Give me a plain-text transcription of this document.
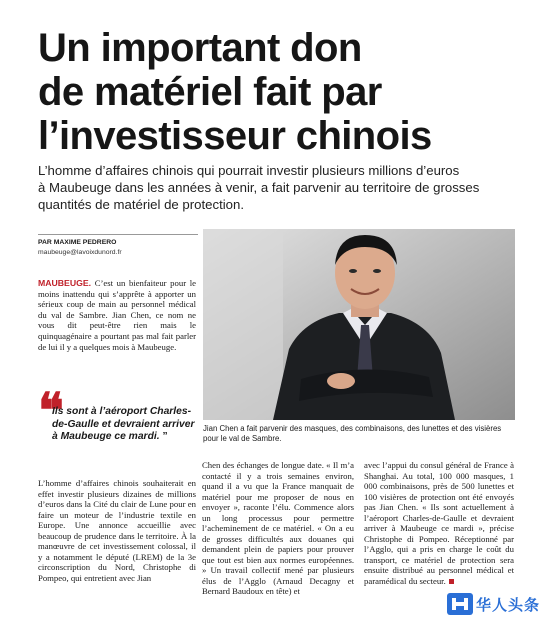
Un important don
de matériel fait par
l’investisseur chinois

L’homme d’affaires chinois qui pourrait investir plusieurs millions d’euros
à Maubeuge dans les années à venir, a fait parvenir au territoire de grosses
quantités de matériel de protection.

PAR MAXIME PEDRERO
maubeuge@lavoixdunord.fr

MAUBEUGE. C’est un bienfaiteur pour le moins inattendu qui s’apprête à apporter un sérieux coup de main au personnel médical du val de Sambre. Jian Chen, ce nom ne vous dit peut-être rien mais le quinquagénaire a pourtant pas mal fait parler de lui il y a quelques mois à Maubeuge.

❝

Ils sont à l’aéroport Charles-de-Gaulle et devraient arriver à Maubeuge ce mardi. ”

L’homme d’affaires chinois souhaiterait en effet investir plusieurs dizaines de millions d’euros dans la Cité du clair de Lune pour en faire un moteur de l’industrie textile en Europe. Une annonce accueillie avec beaucoup de prudence dans le territoire. À la manœuvre de cet investissement colossal, il y a notamment le député (LREM) de la 3e circonscription du Nord, Christophe di Pompeo, qui entretient avec Jian

Jian Chen a fait parvenir des masques, des combinaisons, des lunettes et des visières pour le val de Sambre.

Chen des échanges de longue date. « Il m’a contacté il y a trois semaines environ, quand il a vu que la France manquait de matériel pour me proposer de nous en envoyer », raconte l’élu. Commence alors un long processus pour permettre l’acheminement de ce matériel. « On a eu de grosses difficultés aux douanes qui demandent plein de papiers pour prouver que tout est bien aux normes européennes. » Un travail collectif mené par plusieurs élus de l’Agglo (Arnaud Decagny et Bernard Baudoux en tête) et

avec l’appui du consul général de France à Shanghai. Au total, 100 000 masques, 1 000 combinaisons, près de 500 lunettes et 100 visières de protection ont été envoyés pas Jian Chen. « Ils sont actuellement à l’aéroport Charles-de-Gaulle et devraient arriver à Maubeuge ce mardi », précise Christophe di Pompeo. Réceptionné par l’Agglo, qui a pris en charge le coût du transport, ce matériel de protection sera ensuite distribué au personnel médical et paramédical du secteur.

华人头条
